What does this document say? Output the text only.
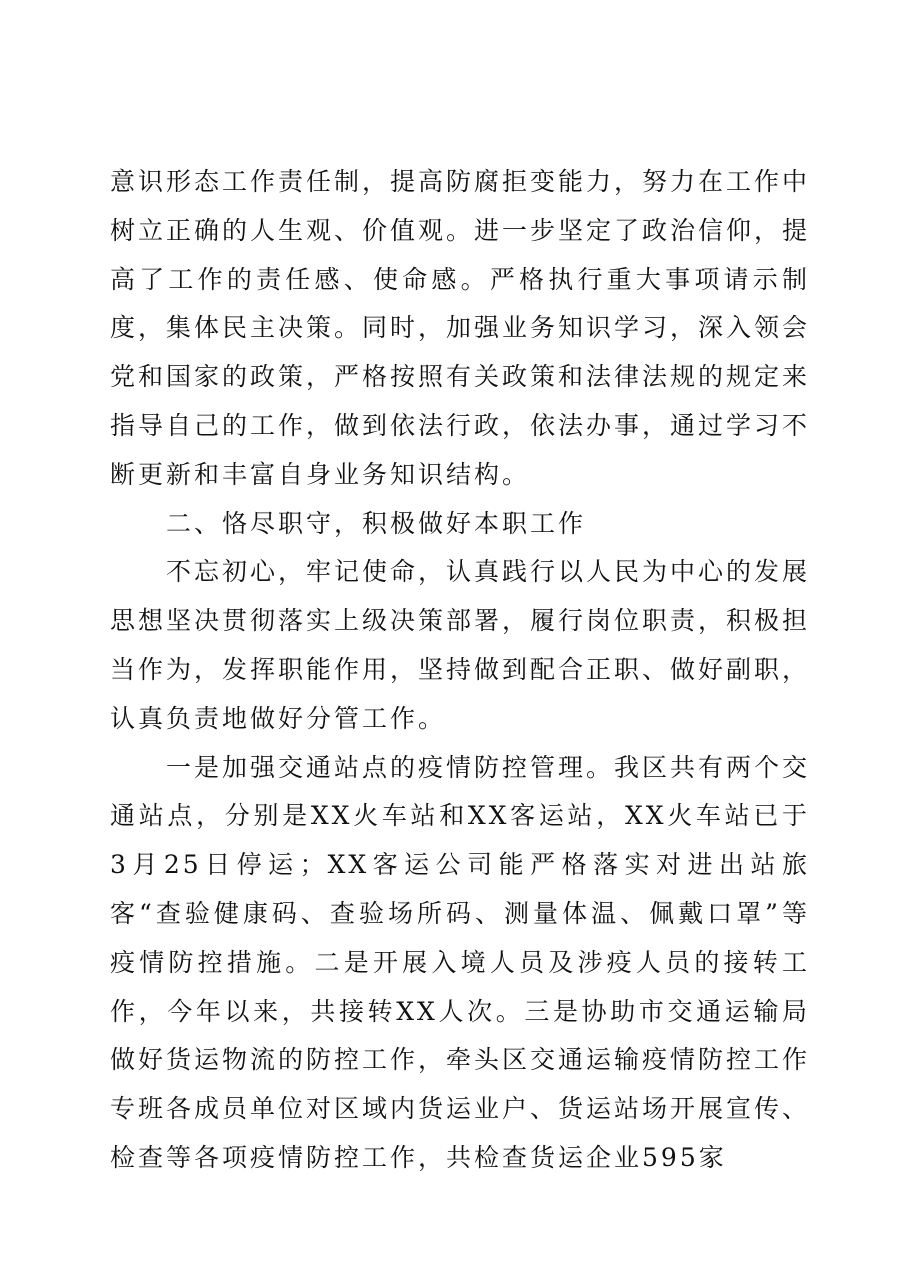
意识形态工作责任制，提高防腐拒变能力，努力在工作中树立正确的人生观、价值观。进一步坚定了政治信仰，提高了工作的责任感、使命感。严格执行重大事项请示制度，集体民主决策。同时，加强业务知识学习，深入领会党和国家的政策，严格按照有关政策和法律法规的规定来指导自己的工作，做到依法行政，依法办事，通过学习不断更新和丰富自身业务知识结构。

二、恪尽职守，积极做好本职工作

不忘初心，牢记使命，认真践行以人民为中心的发展思想坚决贯彻落实上级决策部署，履行岗位职责，积极担当作为，发挥职能作用，坚持做到配合正职、做好副职，认真负责地做好分管工作。

一是加强交通站点的疫情防控管理。我区共有两个交通站点，分别是XX火车站和XX客运站，XX火车站已于3月25日停运；XX客运公司能严格落实对进出站旅客“查验健康码、查验场所码、测量体温、佩戴口罩”等疫情防控措施。二是开展入境人员及涉疫人员的接转工作，今年以来，共接转XX人次。三是协助市交通运输局做好货运物流的防控工作，牵头区交通运输疫情防控工作专班各成员单位对区域内货运业户、货运站场开展宣传、检查等各项疫情防控工作，共检查货运企业595家
